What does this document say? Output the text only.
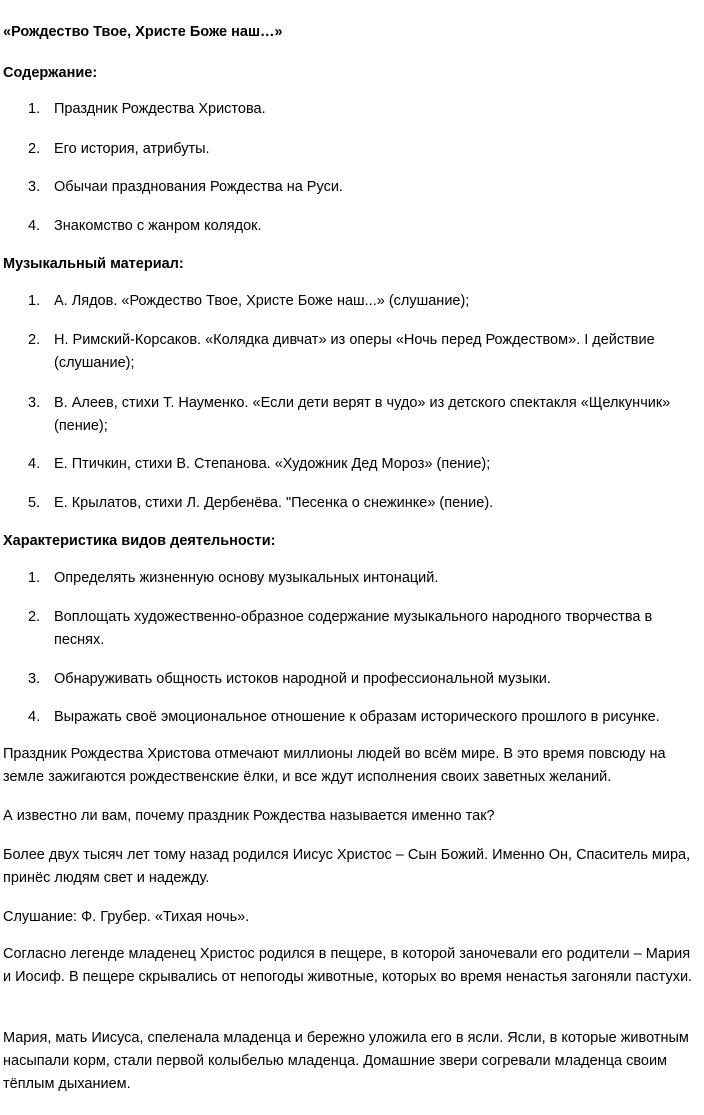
«Рождество Твое, Христе Боже наш…»
Содержание:
1. Праздник Рождества Христова.
2. Его история, атрибуты.
3. Обычаи празднования Рождества на Руси.
4. Знакомство с жанром колядок.
Музыкальный материал:
1. А. Лядов. «Рождество Твое, Христе Боже наш...» (слушание);
2. Н. Римский-Корсаков. «Колядка дивчат» из оперы «Ночь перед Рождеством». I действие (слушание);
3. В. Алеев, стихи Т. Науменко. «Если дети верят в чудо» из детского спектакля «Щелкунчик» (пение);
4. Е. Птичкин, стихи В. Степанова. «Художник Дед Мороз» (пение);
5. Е. Крылатов, стихи Л. Дербенёва. "Песенка о снежинке» (пение).
Характеристика видов деятельности:
1. Определять жизненную основу музыкальных интонаций.
2. Воплощать художественно-образное содержание музыкального народного творчества в песнях.
3. Обнаруживать общность истоков народной и профессиональной музыки.
4. Выражать своё эмоциональное отношение к образам исторического прошлого в рисунке.

Праздник Рождества Христова отмечают миллионы людей во всём мире. В это время повсюду на земле зажигаются рождественские ёлки, и все ждут исполнения своих заветных желаний.

А известно ли вам, почему праздник Рождества называется именно так?

Более двух тысяч лет тому назад родился Иисус Христос – Сын Божий. Именно Он, Спаситель мира, принёс людям свет и надежду.

Слушание: Ф. Грубер. «Тихая ночь».

Согласно легенде младенец Христос родился в пещере, в которой заночевали его родители – Мария и Иосиф. В пещере скрывались от непогоды животные, которых во время ненастья загоняли пастухи.

Мария, мать Иисуса, спеленала младенца и бережно уложила его в ясли. Ясли, в которые животным насыпали корм, стали первой колыбелью младенца. Домашние звери согревали младенца своим тёплым дыханием.
